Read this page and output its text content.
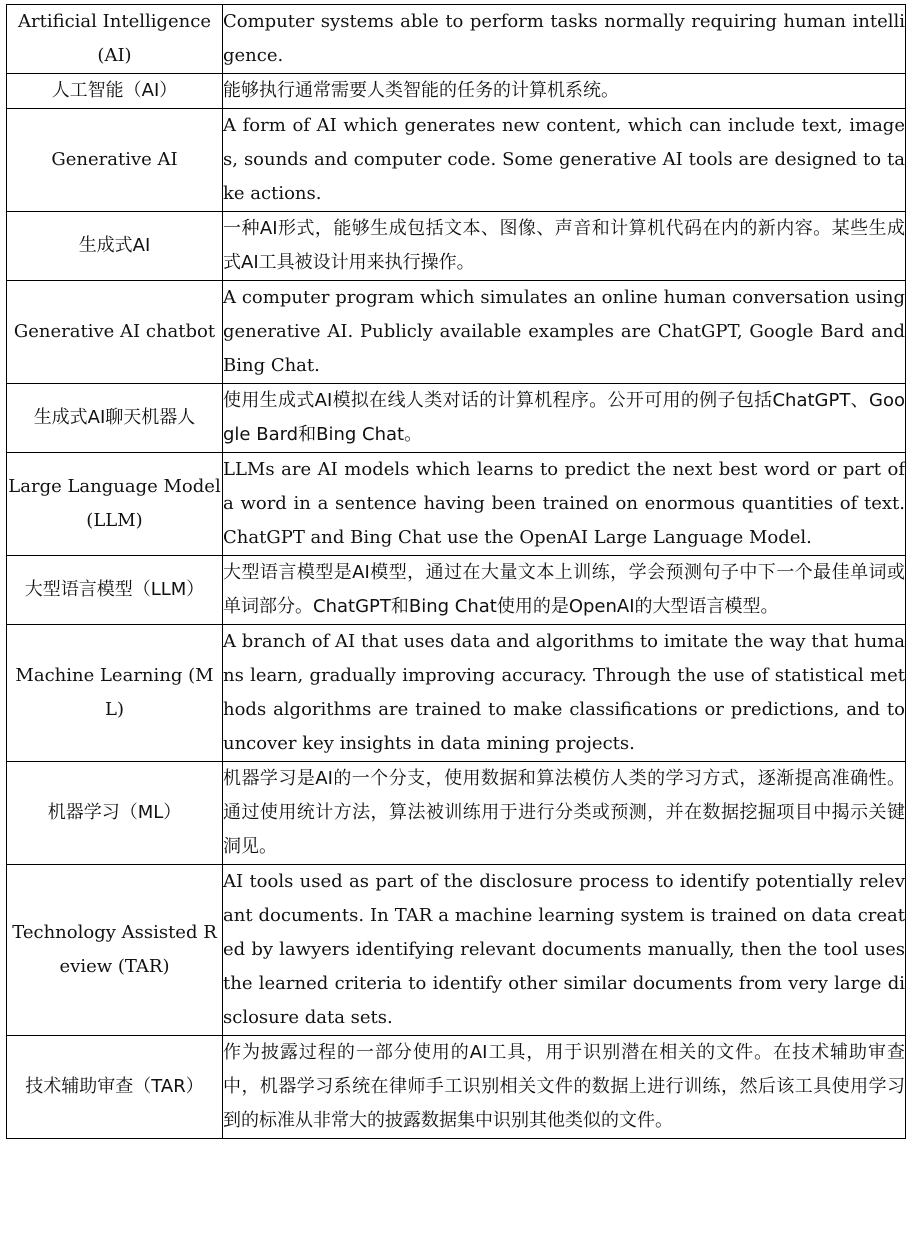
Artificial Intelligence (AI)	Computer systems able to perform tasks normally requiring human intelligence.
人工智能（AI）	能够执行通常需要人类智能的任务的计算机系统。
Generative AI	A form of AI which generates new content, which can include text, images, sounds and computer code. Some generative AI tools are designed to take actions.
生成式AI	一种AI形式，能够生成包括文本、图像、声音和计算机代码在内的新内容。某些生成式AI工具被设计用来执行操作。
Generative AI chatbot	A computer program which simulates an online human conversation using generative AI. Publicly available examples are ChatGPT, Google Bard and Bing Chat.
生成式AI聊天机器人	使用生成式AI模拟在线人类对话的计算机程序。公开可用的例子包括ChatGPT、Google Bard和Bing Chat。
Large Language Model (LLM)	LLMs are AI models which learns to predict the next best word or part of a word in a sentence having been trained on enormous quantities of text. ChatGPT and Bing Chat use the OpenAI Large Language Model.
大型语言模型（LLM）	大型语言模型是AI模型，通过在大量文本上训练，学会预测句子中下一个最佳单词或单词部分。ChatGPT和Bing Chat使用的是OpenAI的大型语言模型。
Machine Learning (ML)	A branch of AI that uses data and algorithms to imitate the way that humans learn, gradually improving accuracy. Through the use of statistical methods algorithms are trained to make classifications or predictions, and to uncover key insights in data mining projects.
机器学习（ML）	机器学习是AI的一个分支，使用数据和算法模仿人类的学习方式，逐渐提高准确性。通过使用统计方法，算法被训练用于进行分类或预测，并在数据挖掘项目中揭示关键洞见。
Technology Assisted Review (TAR)	AI tools used as part of the disclosure process to identify potentially relevant documents. In TAR a machine learning system is trained on data created by lawyers identifying relevant documents manually, then the tool uses the learned criteria to identify other similar documents from very large disclosure data sets.
技术辅助审查（TAR）	作为披露过程的一部分使用的AI工具，用于识别潜在相关的文件。在技术辅助审查中，机器学习系统在律师手工识别相关文件的数据上进行训练，然后该工具使用学习到的标准从非常大的披露数据集中识别其他类似的文件。
